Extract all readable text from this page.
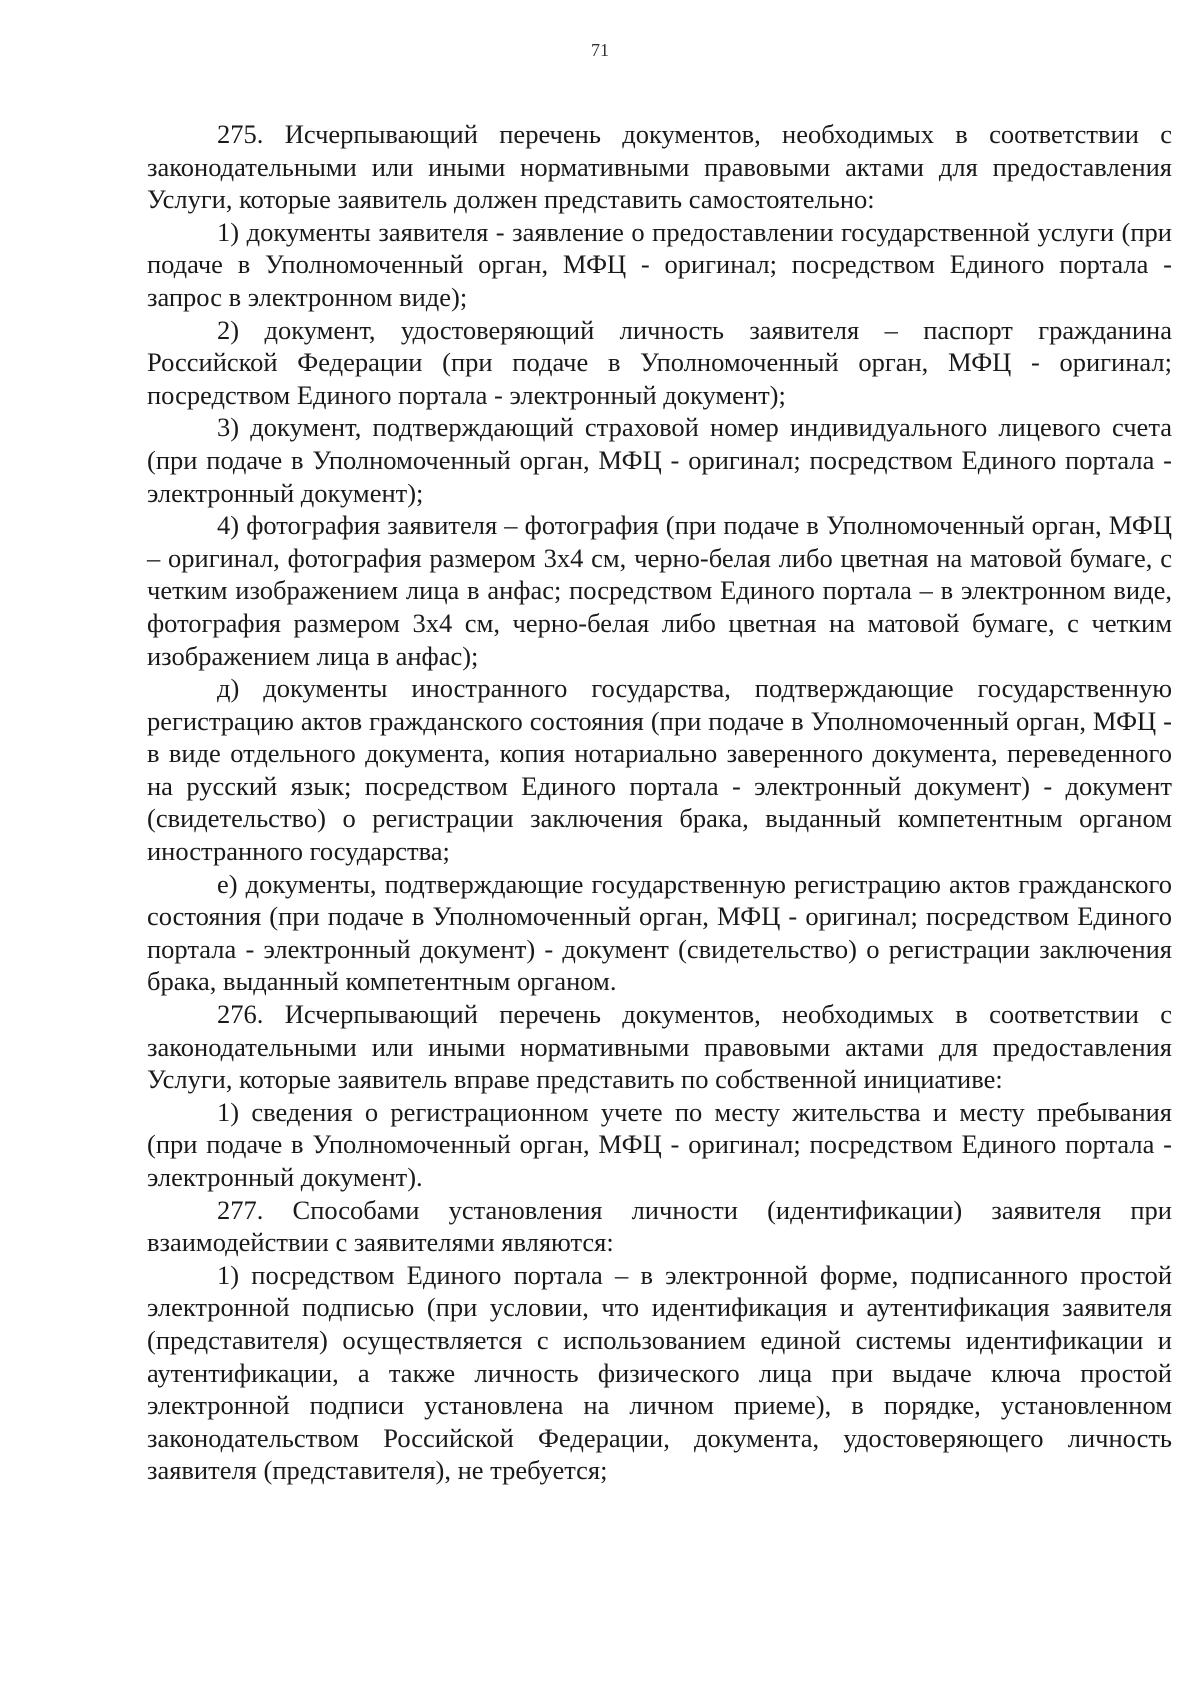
71

275. Исчерпывающий перечень документов, необходимых в соответствии с законодательными или иными нормативными правовыми актами для предоставления Услуги, которые заявитель должен представить самостоятельно:

1) документы заявителя - заявление о предоставлении государственной услуги (при подаче в Уполномоченный орган, МФЦ - оригинал; посредством Единого портала - запрос в электронном виде);

2) документ, удостоверяющий личность заявителя – паспорт гражданина Российской Федерации (при подаче в Уполномоченный орган, МФЦ - оригинал; посредством Единого портала - электронный документ);

3) документ, подтверждающий страховой номер индивидуального лицевого счета (при подаче в Уполномоченный орган, МФЦ - оригинал; посредством Единого портала - электронный документ);

4) фотография заявителя – фотография (при подаче в Уполномоченный орган, МФЦ – оригинал, фотография размером 3x4 см, черно-белая либо цветная на матовой бумаге, с четким изображением лица в анфас; посредством Единого портала – в электронном виде, фотография размером 3x4 см, черно-белая либо цветная на матовой бумаге, с четким изображением лица в анфас);

д) документы иностранного государства, подтверждающие государственную регистрацию актов гражданского состояния (при подаче в Уполномоченный орган, МФЦ - в виде отдельного документа, копия нотариально заверенного документа, переведенного на русский язык; посредством Единого портала - электронный документ) - документ (свидетельство) о регистрации заключения брака, выданный компетентным органом иностранного государства;

е) документы, подтверждающие государственную регистрацию актов гражданского состояния (при подаче в Уполномоченный орган, МФЦ - оригинал; посредством Единого портала - электронный документ) - документ (свидетельство) о регистрации заключения брака, выданный компетентным органом.

276. Исчерпывающий перечень документов, необходимых в соответствии с законодательными или иными нормативными правовыми актами для предоставления Услуги, которые заявитель вправе представить по собственной инициативе:

1) сведения о регистрационном учете по месту жительства и месту пребывания (при подаче в Уполномоченный орган, МФЦ - оригинал; посредством Единого портала - электронный документ).

277. Способами установления личности (идентификации) заявителя при взаимодействии с заявителями являются:

1) посредством Единого портала – в электронной форме, подписанного простой электронной подписью (при условии, что идентификация и аутентификация заявителя (представителя) осуществляется с использованием единой системы идентификации и аутентификации, а также личность физического лица при выдаче ключа простой электронной подписи установлена на личном приеме), в порядке, установленном законодательством Российской Федерации, документа, удостоверяющего личность заявителя (представителя), не требуется;
